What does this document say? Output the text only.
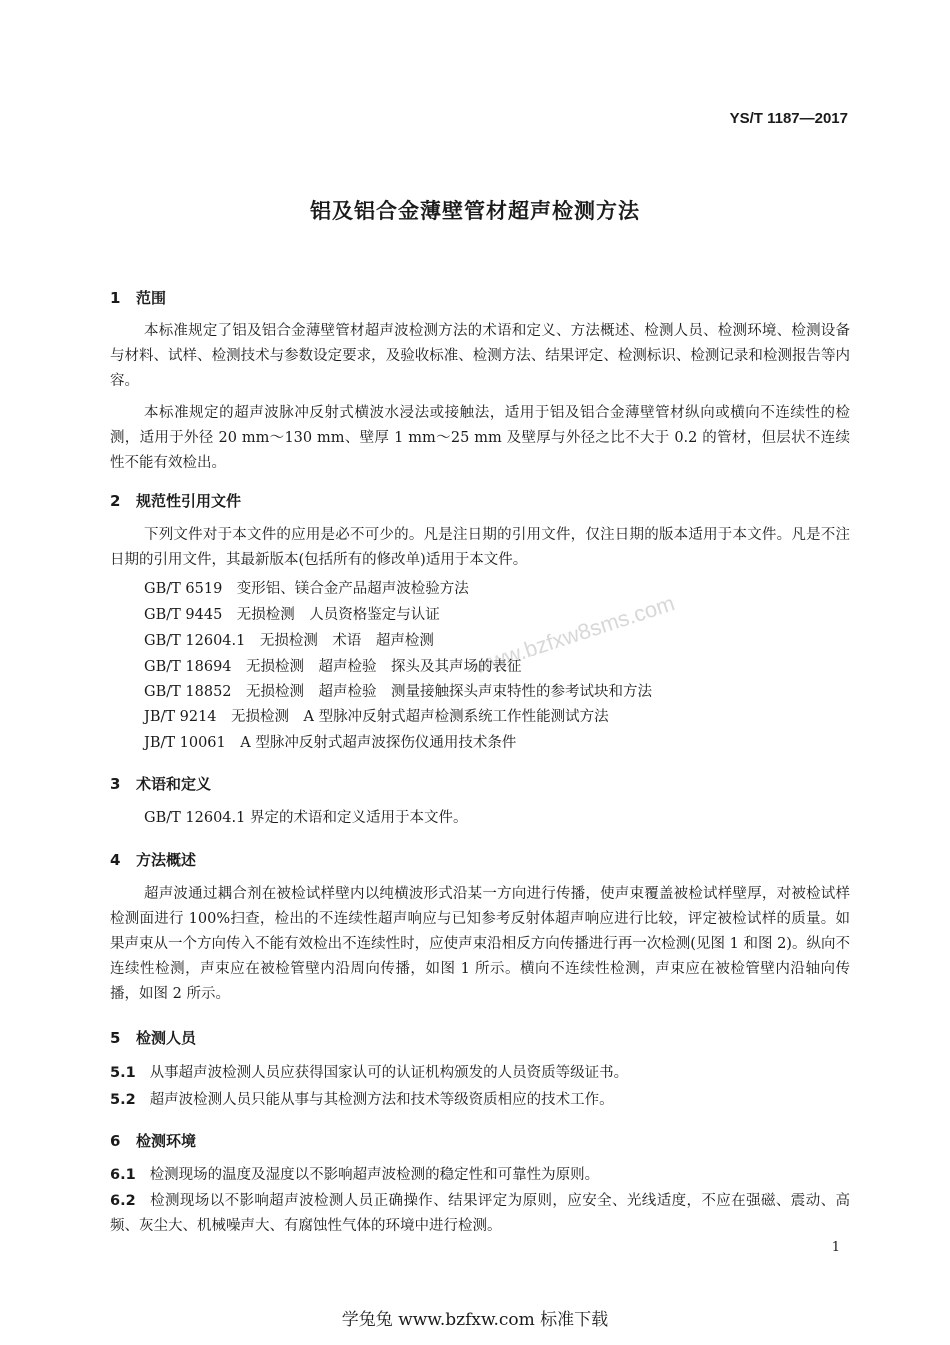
YS/T 1187—2017
铝及铝合金薄壁管材超声检测方法
www.bzfxw8sms.com
1 范围
本标准规定了铝及铝合金薄壁管材超声波检测方法的术语和定义、方法概述、检测人员、检测环境、检测设备与材料、试样、检测技术与参数设定要求，及验收标准、检测方法、结果评定、检测标识、检测记录和检测报告等内容。
本标准规定的超声波脉冲反射式横波水浸法或接触法，适用于铝及铝合金薄壁管材纵向或横向不连续性的检测，适用于外径 20 mm～130 mm、壁厚 1 mm～25 mm 及壁厚与外径之比不大于 0.2 的管材，但层状不连续性不能有效检出。
2 规范性引用文件
下列文件对于本文件的应用是必不可少的。凡是注日期的引用文件，仅注日期的版本适用于本文件。凡是不注日期的引用文件，其最新版本(包括所有的修改单)适用于本文件。
GB/T 6519　变形铝、镁合金产品超声波检验方法
GB/T 9445　无损检测　人员资格鉴定与认证
GB/T 12604.1　无损检测　术语　超声检测
GB/T 18694　无损检测　超声检验　探头及其声场的表征
GB/T 18852　无损检测　超声检验　测量接触探头声束特性的参考试块和方法
JB/T 9214　无损检测　A 型脉冲反射式超声检测系统工作性能测试方法
JB/T 10061　A 型脉冲反射式超声波探伤仪通用技术条件
3 术语和定义
GB/T 12604.1 界定的术语和定义适用于本文件。
4 方法概述
超声波通过耦合剂在被检试样壁内以纯横波形式沿某一方向进行传播，使声束覆盖被检试样壁厚，对被检试样检测面进行 100%扫查，检出的不连续性超声响应与已知参考反射体超声响应进行比较，评定被检试样的质量。如果声束从一个方向传入不能有效检出不连续性时，应使声束沿相反方向传播进行再一次检测(见图 1 和图 2)。纵向不连续性检测，声束应在被检管壁内沿周向传播，如图 1 所示。横向不连续性检测，声束应在被检管壁内沿轴向传播，如图 2 所示。
5 检测人员
5.1 从事超声波检测人员应获得国家认可的认证机构颁发的人员资质等级证书。
5.2 超声波检测人员只能从事与其检测方法和技术等级资质相应的技术工作。
6 检测环境
6.1 检测现场的温度及湿度以不影响超声波检测的稳定性和可靠性为原则。
6.2 检测现场以不影响超声波检测人员正确操作、结果评定为原则，应安全、光线适度，不应在强磁、震动、高频、灰尘大、机械噪声大、有腐蚀性气体的环境中进行检测。
1
学兔兔 www.bzfxw.com 标准下载
